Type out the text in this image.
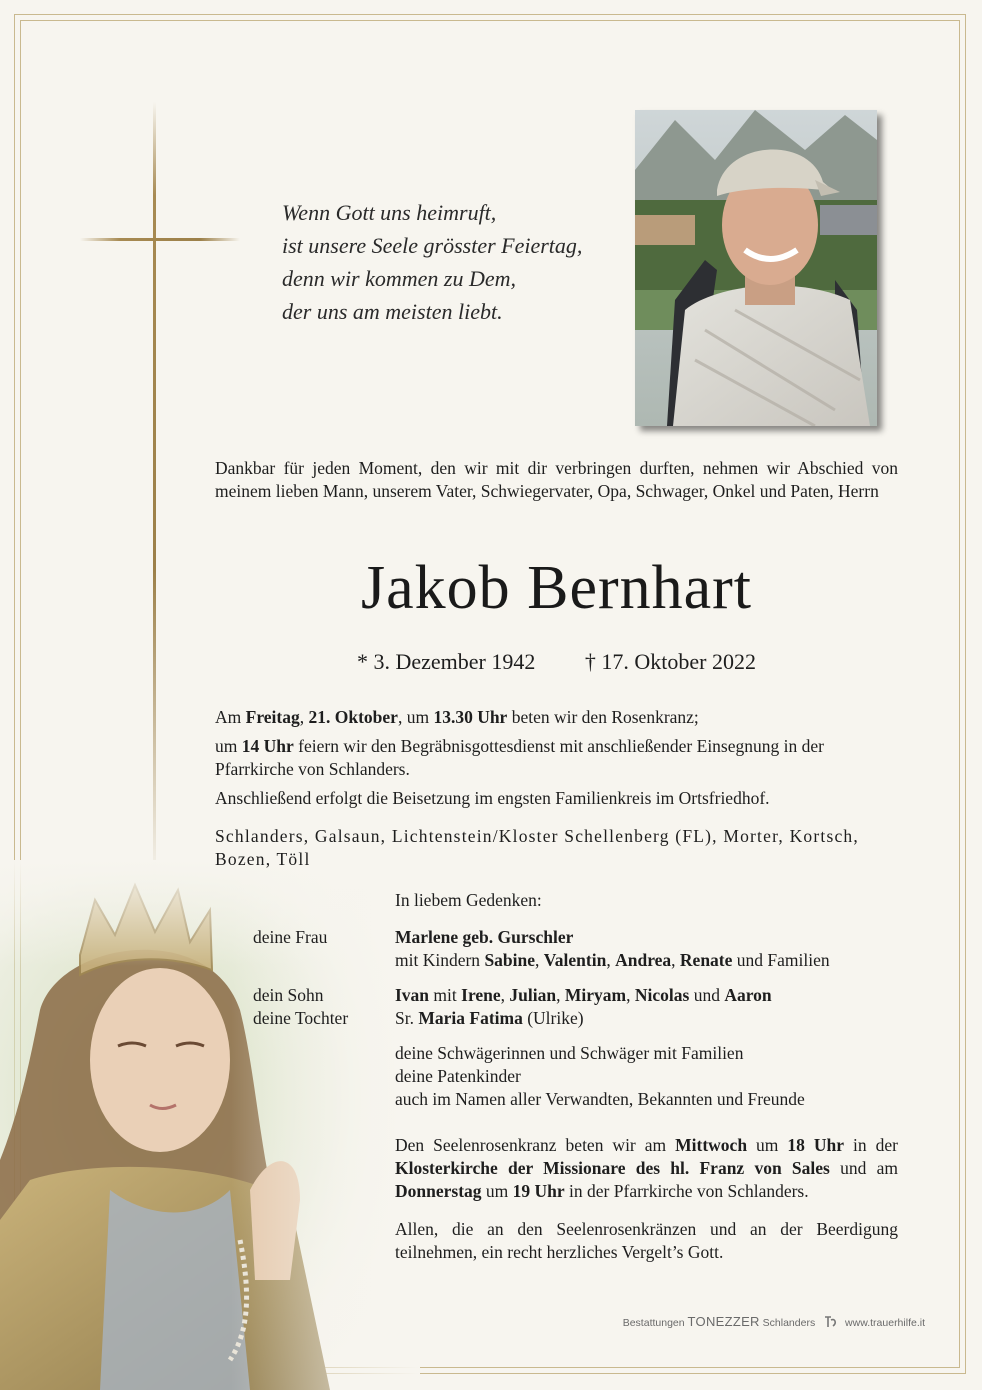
Wenn Gott uns heimruft,
ist unsere Seele grösster Feiertag,
denn wir kommen zu Dem,
der uns am meisten liebt.
Dankbar für jeden Moment, den wir mit dir verbringen durften, nehmen wir Abschied von meinem lieben Mann, unserem Vater, Schwiegervater, Opa, Schwager, Onkel und Paten, Herrn
Jakob Bernhart
* 3. Dezember 1942 † 17. Oktober 2022

Am Freitag, 21. Oktober, um 13.30 Uhr beten wir den Rosenkranz;

um 14 Uhr feiern wir den Begräbnisgottesdienst mit anschließender Einsegnung in der Pfarrkirche von Schlanders.

Anschließend erfolgt die Beisetzung im engsten Familienkreis im Ortsfriedhof.

Schlanders, Galsaun, Lichtenstein/Kloster Schellenberg (FL), Morter, Kortsch, Bozen, Töll
In liebem Gedenken:
deine Frau	Marlene geb. Gurschler
mit Kindern Sabine, Valentin, Andrea, Renate und Familien
dein Sohn	Ivan mit Irene, Julian, Miryam, Nicolas und Aaron
deine Tochter	Sr. Maria Fatima (Ulrike)
deine Schwägerinnen und Schwäger mit Familien
deine Patenkinder
auch im Namen aller Verwandten, Bekannten und Freunde
Den Seelenrosenkranz beten wir am Mittwoch um 18 Uhr in der Klosterkirche der Missionare des hl. Franz von Sales und am Donnerstag um 19 Uhr in der Pfarrkirche von Schlanders.
Allen, die an den Seelenrosenkränzen und an der Beerdigung teilnehmen, ein recht herzliches Vergelt’s Gott.
Bestattungen TONEZZER Schlanders	www.trauerhilfe.it
